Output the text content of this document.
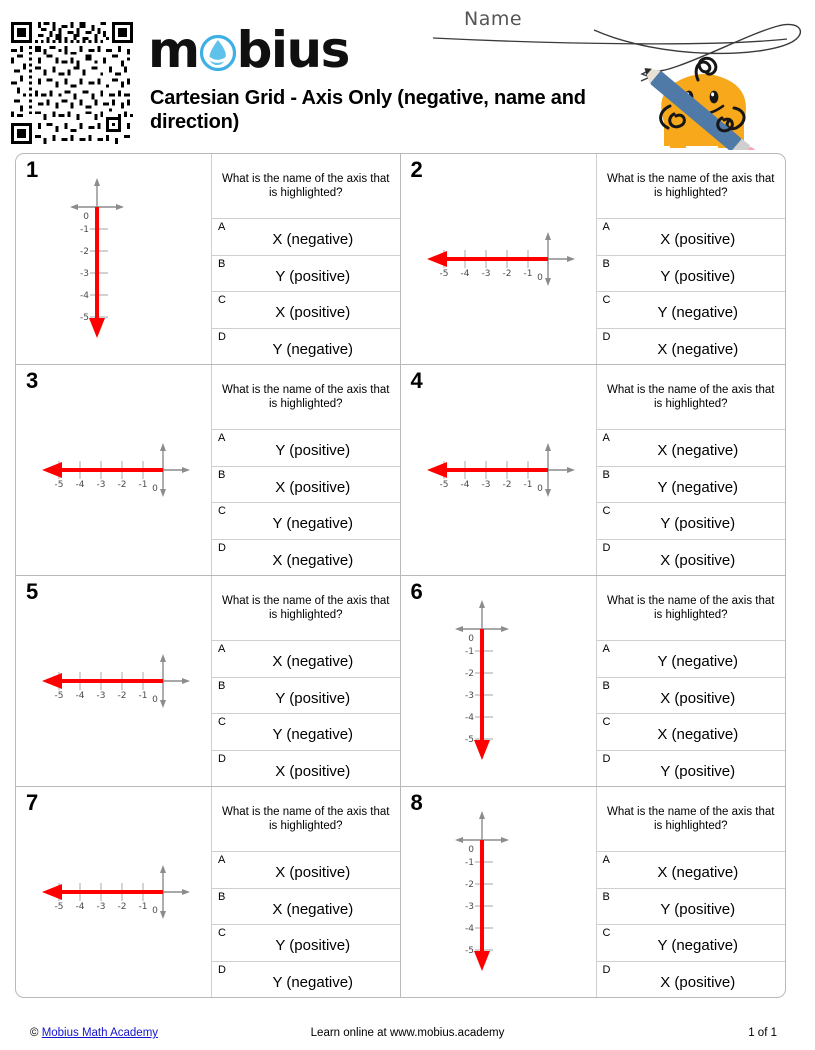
m bius
Cartesian Grid - Axis Only (negative, name and direction)
Name
1
0
-1
-2
-3
-4
-5
What is the name of the axis that is highlighted?
A
X (negative)
B
Y (positive)
C
X (positive)
D
Y (negative)
2
-5 -4 -3 -2 -1 0
What is the name of the axis that is highlighted?
A
X (positive)
B
Y (positive)
C
Y (negative)
D
X (negative)
3
-5 -4 -3 -2 -1 0
What is the name of the axis that is highlighted?
A
Y (positive)
B
X (positive)
C
Y (negative)
D
X (negative)
4
-5 -4 -3 -2 -1 0
What is the name of the axis that is highlighted?
A
X (negative)
B
Y (negative)
C
Y (positive)
D
X (positive)
5
-5 -4 -3 -2 -1 0
What is the name of the axis that is highlighted?
A
X (negative)
B
Y (positive)
C
Y (negative)
D
X (positive)
6
0
-1
-2
-3
-4
-5
What is the name of the axis that is highlighted?
A
Y (negative)
B
X (positive)
C
X (negative)
D
Y (positive)
7
-5 -4 -3 -2 -1 0
What is the name of the axis that is highlighted?
A
X (positive)
B
X (negative)
C
Y (positive)
D
Y (negative)
8
0
-1
-2
-3
-4
-5
What is the name of the axis that is highlighted?
A
X (negative)
B
Y (positive)
C
Y (negative)
D
X (positive)
© Mobius Math Academy	Learn online at www.mobius.academy	1 of 1
